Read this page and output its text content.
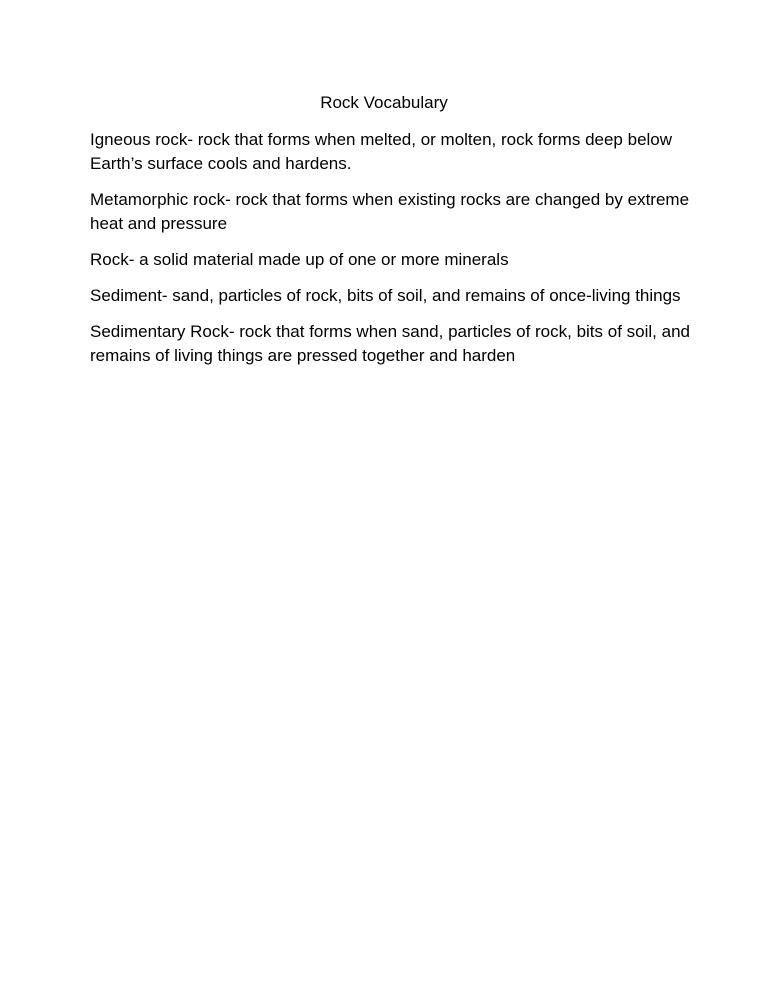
Rock Vocabulary

Igneous rock- rock that forms when melted, or molten, rock forms deep below Earth’s surface cools and hardens.

Metamorphic rock- rock that forms when existing rocks are changed by extreme heat and pressure

Rock- a solid material made up of one or more minerals

Sediment- sand, particles of rock, bits of soil, and remains of once-living things

Sedimentary Rock- rock that forms when sand, particles of rock, bits of soil, and remains of living things are pressed together and harden
